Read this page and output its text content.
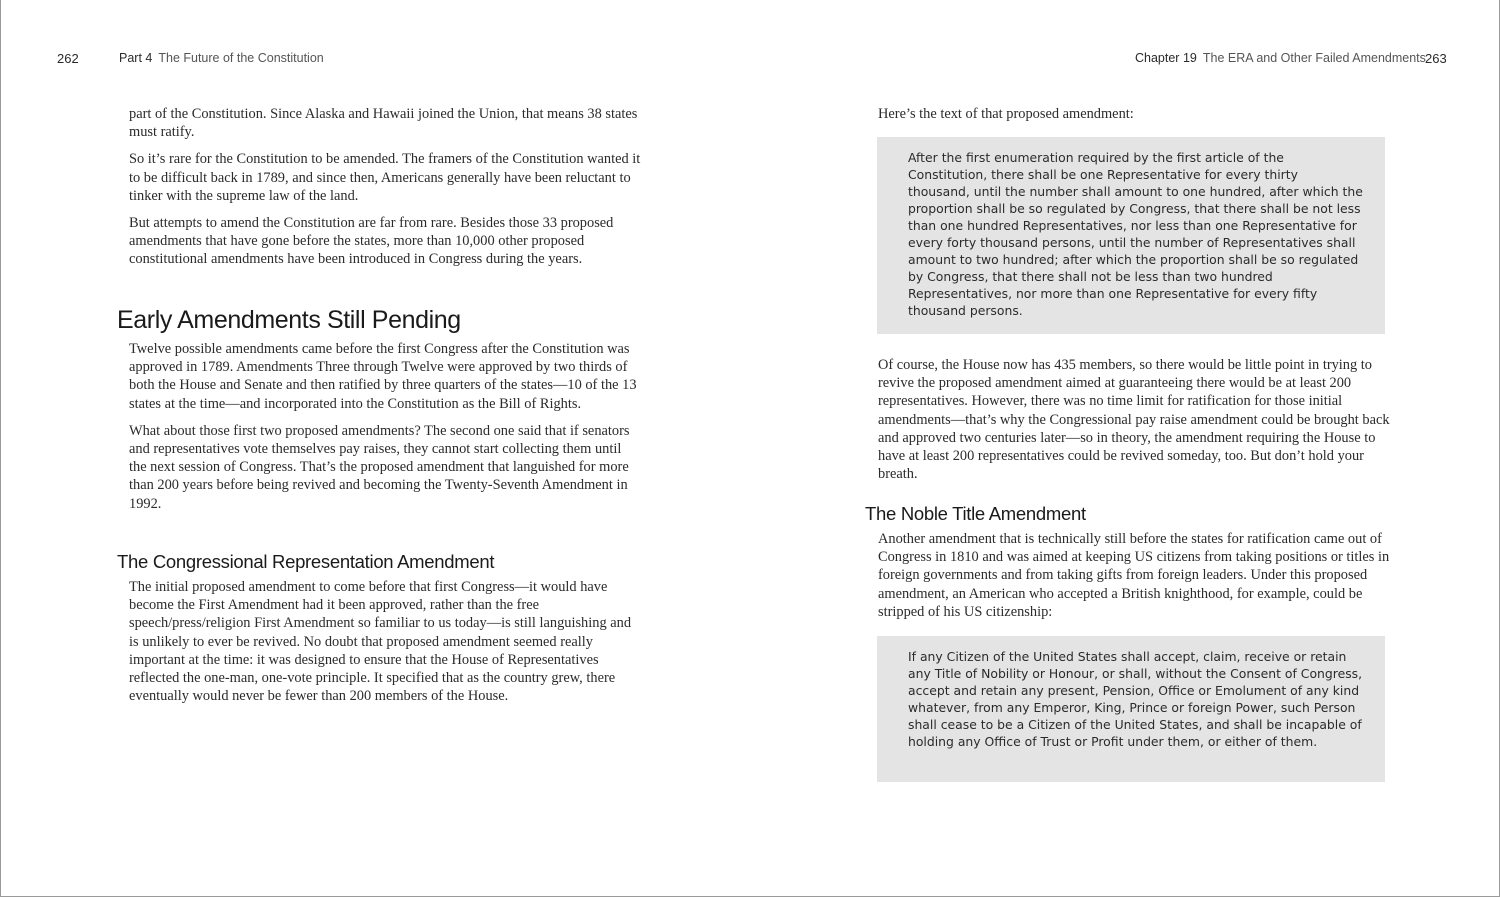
262	Part 4 The Future of the Constitution

part of the Constitution. Since Alaska and Hawaii joined the Union, that means 38 states must ratify.

So it’s rare for the Constitution to be amended. The framers of the Constitution wanted it to be difficult back in 1789, and since then, Americans generally have been reluctant to tinker with the supreme law of the land.

But attempts to amend the Constitution are far from rare. Besides those 33 proposed amendments that have gone before the states, more than 10,000 other proposed constitutional amendments have been introduced in Congress during the years.

Early Amendments Still Pending

Twelve possible amendments came before the first Congress after the Constitution was approved in 1789. Amendments Three through Twelve were approved by two thirds of both the House and Senate and then ratified by three quarters of the states—10 of the 13 states at the time—and incorporated into the Constitution as the Bill of Rights.

What about those first two proposed amendments? The second one said that if senators and representatives vote themselves pay raises, they cannot start collecting them until the next session of Congress. That’s the proposed amendment that languished for more than 200 years before being revived and becoming the Twenty-Seventh Amendment in 1992.

The Congressional Representation Amendment

The initial proposed amendment to come before that first Congress—it would have become the First Amendment had it been approved, rather than the free speech/press/religion First Amendment so familiar to us today—is still languishing and is unlikely to ever be revived. No doubt that proposed amendment seemed really important at the time: it was designed to ensure that the House of Representatives reflected the one-man, one-vote principle. It specified that as the country grew, there eventually would never be fewer than 200 members of the House.

Chapter 19 The ERA and Other Failed Amendments 263

Here’s the text of that proposed amendment:

After the first enumeration required by the first article of the Constitution, there shall be one Representative for every thirty thousand, until the number shall amount to one hundred, after which the proportion shall be so regulated by Congress, that there shall be not less than one hundred Representatives, nor less than one Representative for every forty thousand persons, until the number of Representatives shall amount to two hundred; after which the proportion shall be so regulated by Congress, that there shall not be less than two hundred Representatives, nor more than one Representative for every fifty thousand persons.

Of course, the House now has 435 members, so there would be little point in trying to revive the proposed amendment aimed at guaranteeing there would be at least 200 representatives. However, there was no time limit for ratification for those initial amendments—that’s why the Congressional pay raise amendment could be brought back and approved two centuries later—so in theory, the amendment requiring the House to have at least 200 representatives could be revived someday, too. But don’t hold your breath.

The Noble Title Amendment

Another amendment that is technically still before the states for ratification came out of Congress in 1810 and was aimed at keeping US citizens from taking positions or titles in foreign governments and from taking gifts from foreign leaders. Under this proposed amendment, an American who accepted a British knighthood, for example, could be stripped of his US citizenship:

If any Citizen of the United States shall accept, claim, receive or retain any Title of Nobility or Honour, or shall, without the Consent of Congress, accept and retain any present, Pension, Office or Emolument of any kind whatever, from any Emperor, King, Prince or foreign Power, such Person shall cease to be a Citizen of the United States, and shall be incapable of holding any Office of Trust or Profit under them, or either of them.
